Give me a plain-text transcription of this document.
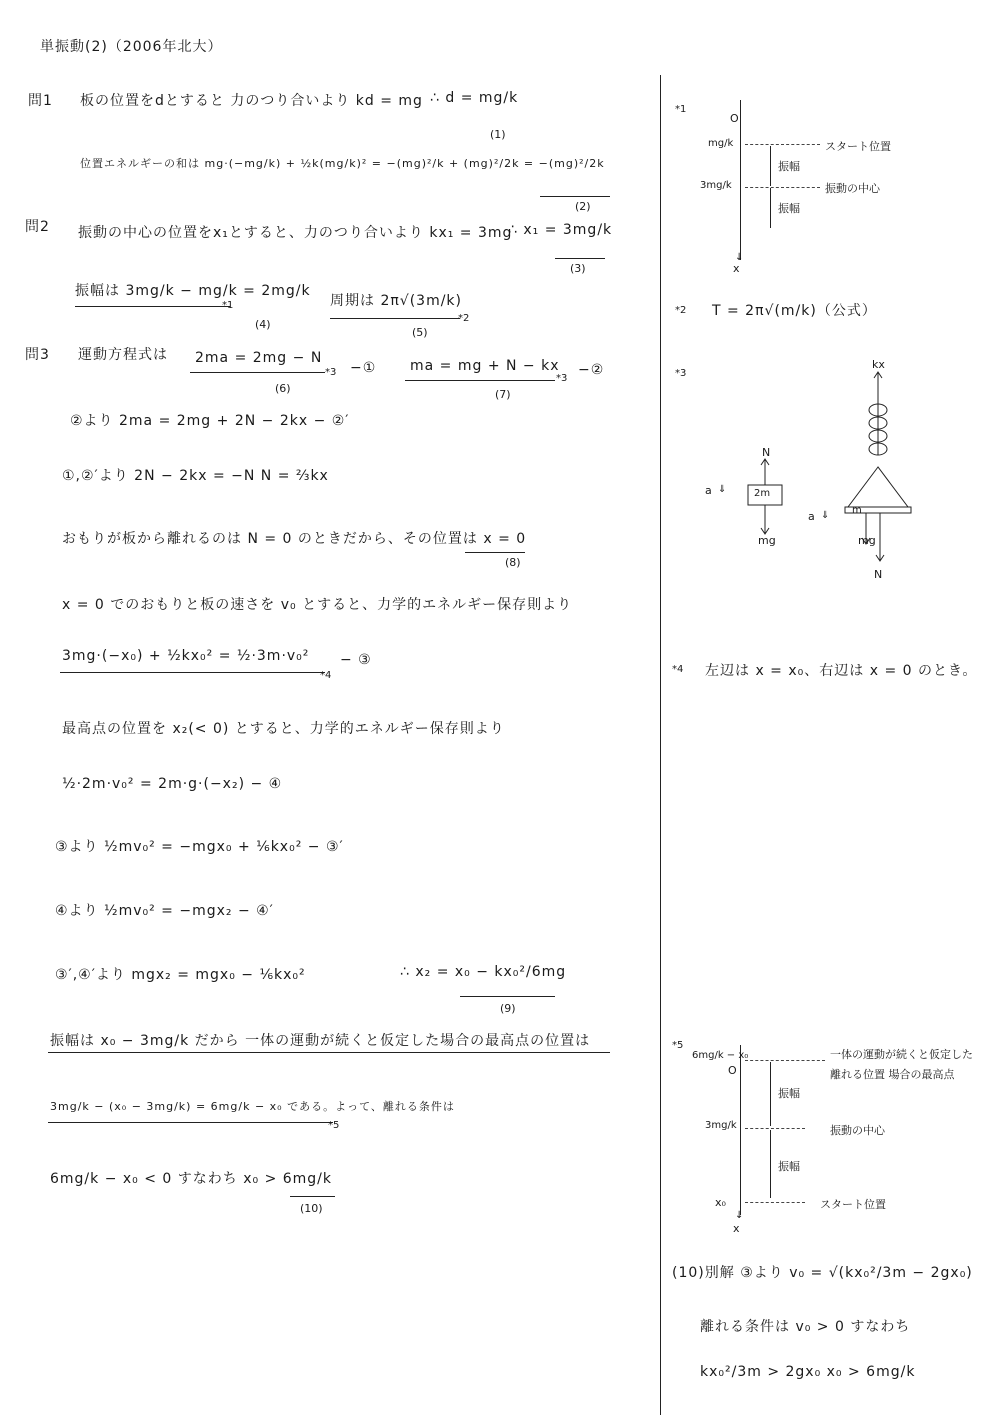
単振動(2)（2006年北大）
問1 板の位置をdとすると 力のつり合いより kd = mg ∴ d = mg/k
(1)
位置エネルギーの和は mg·(−mg/k) + ½k(mg/k)² = −(mg)²/k + (mg)²/2k = −(mg)²/2k
(2)
問2 振動の中心の位置をx₁とすると、力のつり合いより kx₁ = 3mg
∴ x₁ = 3mg/k
(3)
振幅は 3mg/k − mg/k = 2mg/k
*1
(4)
周期は 2π√(3m/k)
*2
(5)
問3 運動方程式は 2ma = 2mg − N
*3 −①
(6)
ma = mg + N − kx
*3
−②
(7)
②より 2ma = 2mg + 2N − 2kx − ②′
①,②′より 2N − 2kx = −N N = ⅔kx
おもりが板から離れるのは N = 0 のときだから、その位置は x = 0
(8)
x = 0 でのおもりと板の速さを v₀ とすると、力学的エネルギー保存則より
3mg·(−x₀) + ½kx₀² = ½·3m·v₀²
*4
− ③
最高点の位置を x₂(< 0) とすると、力学的エネルギー保存則より
½·2m·v₀² = 2m·g·(−x₂) − ④
③より ½mv₀² = −mgx₀ + ⅙kx₀² − ③′
④より ½mv₀² = −mgx₂ − ④′
③′,④′より mgx₂ = mgx₀ − ⅙kx₀²	∴ x₂ = x₀ − kx₀²/6mg
(9)
振幅は x₀ − 3mg/k だから 一体の運動が続くと仮定した場合の最高点の位置は
3mg/k − (x₀ − 3mg/k) = 6mg/k − x₀ である。よって、離れる条件は
*5
6mg/k − x₀ < 0 すなわち x₀ > 6mg/k
(10)
*1
↓
x
O
mg/k	スタート位置
3mg/k	振動の中心
振幅
振幅
*2 T = 2π√(m/k)（公式）
*3
kx
N
a ⇓	2m
mg
a ⇓ m
mg
N
*4 左辺は x = x₀、右辺は x = 0 のとき。
*5
↓
x
6mg/k − x₀
O
一体の運動が続くと仮定した
離れる位置 場合の最高点
振幅
3mg/k	振動の中心
振幅
x₀	スタート位置
(10)別解 ③より v₀ = √(kx₀²/3m − 2gx₀)
離れる条件は v₀ > 0 すなわち
kx₀²/3m > 2gx₀ x₀ > 6mg/k
